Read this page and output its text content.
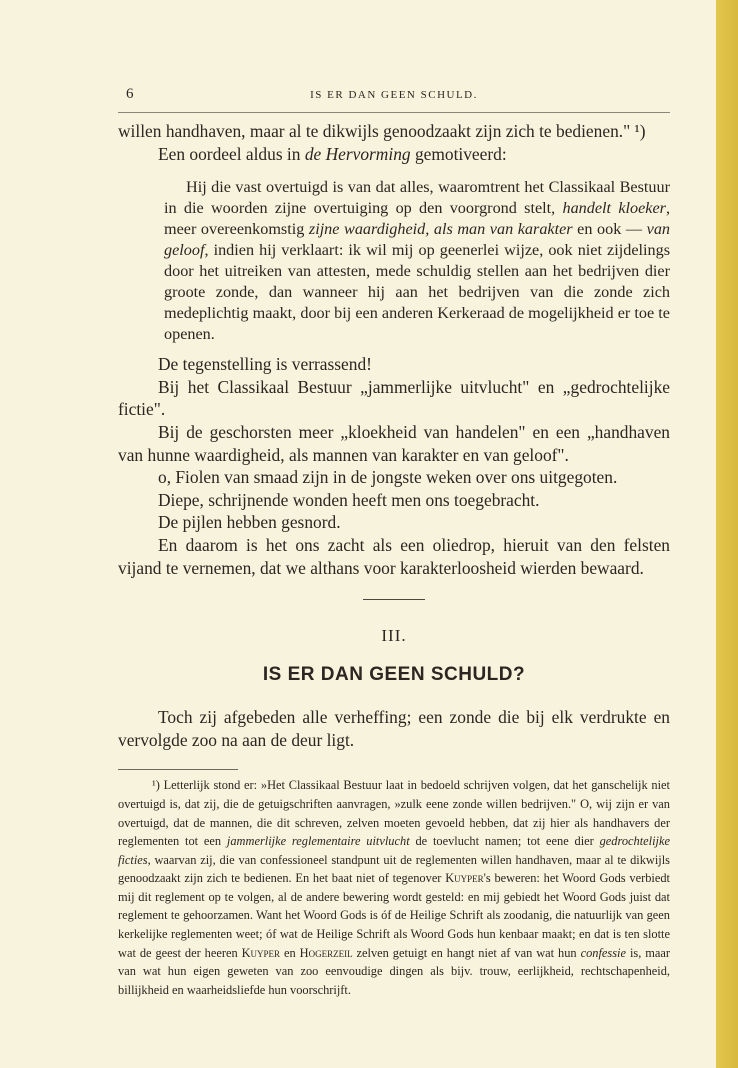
6	IS ER DAN GEEN SCHULD.

willen handhaven, maar al te dikwijls genoodzaakt zijn zich te bedienen." ¹)

Een oordeel aldus in de Hervorming gemotiveerd:

Hij die vast overtuigd is van dat alles, waaromtrent het Classikaal Bestuur in die woorden zijne overtuiging op den voorgrond stelt, handelt kloeker, meer overeenkomstig zijne waardigheid, als man van karakter en ook — van geloof, indien hij verklaart: ik wil mij op geenerlei wijze, ook niet zijdelings door het uitreiken van attesten, mede schuldig stellen aan het bedrijven dier groote zonde, dan wanneer hij aan het bedrijven van die zonde zich medeplichtig maakt, door bij een anderen Kerkeraad de mogelijkheid er toe te openen.

De tegenstelling is verrassend!

Bij het Classikaal Bestuur „jammerlijke uitvlucht" en „gedrochtelijke fictie".

Bij de geschorsten meer „kloekheid van handelen" en een „handhaven van hunne waardigheid, als mannen van karakter en van geloof".

o, Fiolen van smaad zijn in de jongste weken over ons uitgegoten.

Diepe, schrijnende wonden heeft men ons toegebracht.

De pijlen hebben gesnord.

En daarom is het ons zacht als een oliedrop, hieruit van den felsten vijand te vernemen, dat we althans voor karakterloosheid wierden bewaard.

III.
IS ER DAN GEEN SCHULD?

Toch zij afgebeden alle verheffing; een zonde die bij elk verdrukte en vervolgde zoo na aan de deur ligt.

¹) Letterlijk stond er: »Het Classikaal Bestuur laat in bedoeld schrijven volgen, dat het ganschelijk niet overtuigd is, dat zij, die de getuigschriften aanvragen, »zulk eene zonde willen bedrijven." O, wij zijn er van overtuigd, dat de mannen, die dit schreven, zelven moeten gevoeld hebben, dat zij hier als handhavers der reglementen tot een jammerlijke reglementaire uitvlucht de toevlucht namen; tot eene dier gedrochtelijke ficties, waarvan zij, die van confessioneel standpunt uit de reglementen willen handhaven, maar al te dikwijls genoodzaakt zijn zich te bedienen. En het baat niet of tegenover Kuyper's beweren: het Woord Gods verbiedt mij dit reglement op te volgen, al de andere bewering wordt gesteld: en mij gebiedt het Woord Gods juist dat reglement te gehoorzamen. Want het Woord Gods is óf de Heilige Schrift als zoodanig, die natuurlijk van geen kerkelijke reglementen weet; óf wat de Heilige Schrift als Woord Gods hun kenbaar maakt; en dat is ten slotte wat de geest der heeren Kuyper en Hogerzeil zelven getuigt en hangt niet af van wat hun confessie is, maar van wat hun eigen geweten van zoo eenvoudige dingen als bijv. trouw, eerlijkheid, rechtschapenheid, billijkheid en waarheidsliefde hun voorschrijft.
